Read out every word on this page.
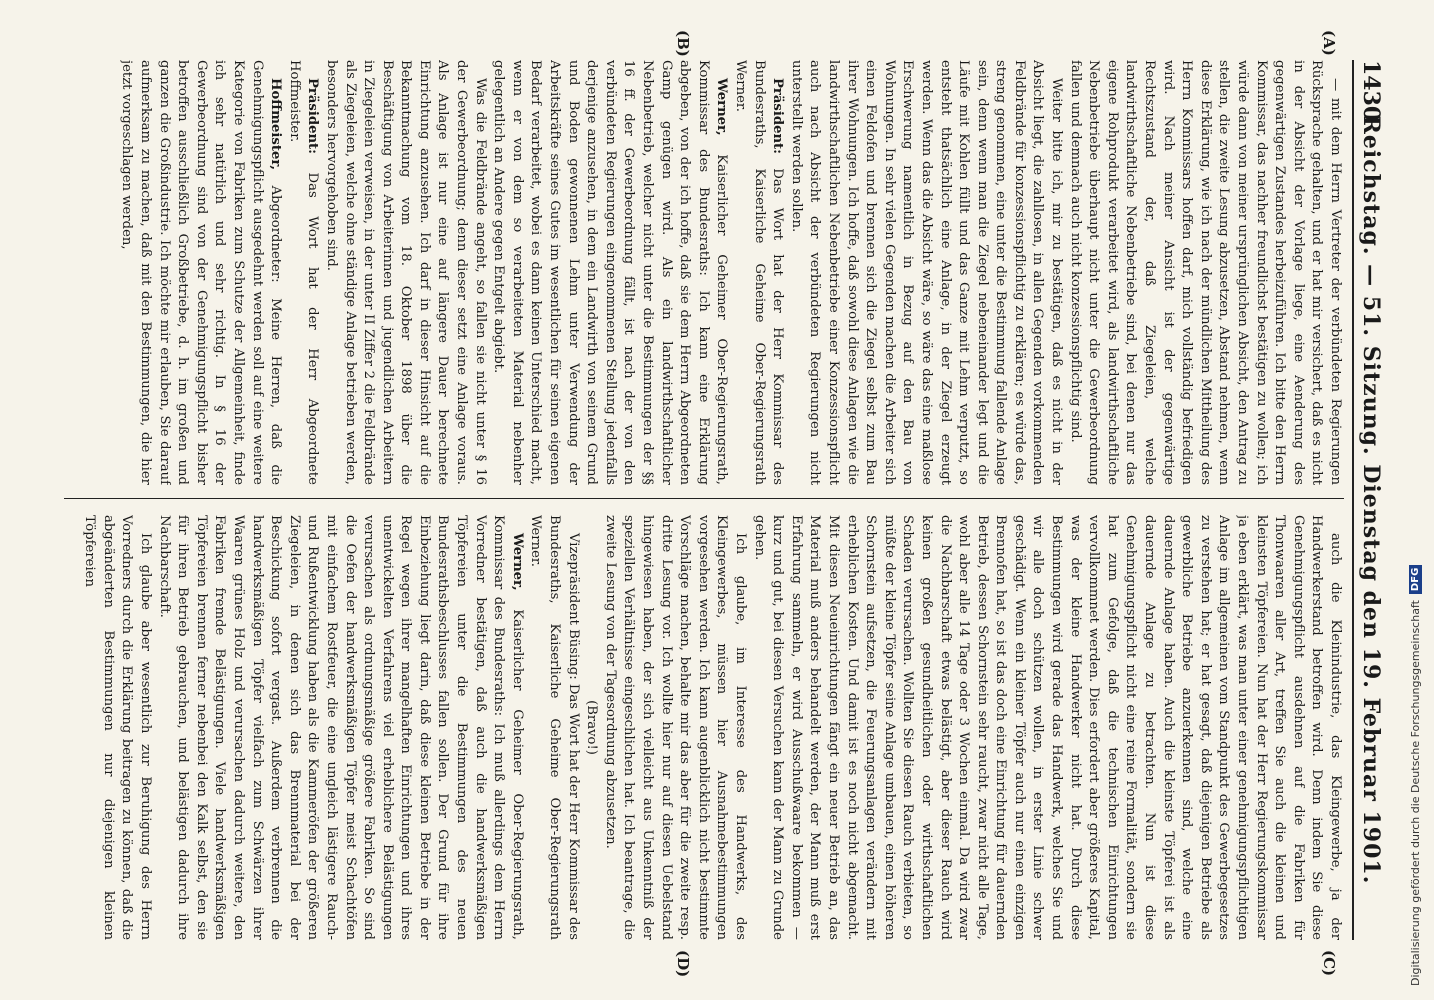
1430
Reichstag. — 51. Sitzung. Dienstag den 19. Februar 1901.
(A)
(B)
(C)
(D)

— mit dem Herrn Vertreter der verbündeten Regierungen Rücksprache gehalten, und er hat mir versichert, daß es nicht in der Absicht der Vorlage liege, eine Aenderung des gegenwärtigen Zustandes herbeizuführen. Ich bitte den Herrn Kommissar, das nachher freundlichst bestätigen zu wollen; ich würde dann von meiner ursprünglichen Absicht, den Antrag zu stellen, die zweite Lesung abzusetzen, Abstand nehmen, wenn diese Erklärung, wie ich nach der mündlichen Mittheilung des Herrn Kommissars hoffen darf, mich vollständig befriedigen wird. Nach meiner Ansicht ist der gegenwärtige Rechtszustand der, daß Ziegeleien, welche landwirthschaftliche Nebenbetriebe sind, bei denen nur das eigene Rohprodukt verarbeitet wird, als landwirthschaftliche Nebenbetriebe überhaupt nicht unter die Gewerbeordnung fallen und demnach auch nicht konzessionspflichtig sind.

Weiter bitte ich, mir zu bestätigen, daß es nicht in der Absicht liegt, die zahllosen, in allen Gegenden vorkommenden Feldbrände für konzessionspflichtig zu erklären; es würde das, streng genommen, eine unter die Bestimmung fallende Anlage sein, denn wenn man die Ziegel nebeneinander legt und die Läufe mit Kohlen füllt und das Ganze mit Lehm verputzt, so entsteht thatsächlich eine Anlage, in der Ziegel erzeugt werden. Wenn das die Absicht wäre, so wäre das eine maßlose Erschwerung namentlich in Bezug auf den Bau von Wohnungen. In sehr vielen Gegenden machen die Arbeiter sich einen Feldofen und brennen sich die Ziegel selbst zum Bau ihrer Wohnungen. Ich hoffe, daß sowohl diese Anlagen wie die landwirthschaftlichen Nebenbetriebe einer Konzessionspflicht auch nach Absicht der verbündeten Regierungen nicht unterstellt werden sollen.

Präsident: Das Wort hat der Herr Kommissar des Bundesraths, Kaiserliche Geheime Ober-Regierungsrath Werner.

Werner, Kaiserlicher Geheimer Ober-Regierungsrath, Kommissar des Bundesraths: Ich kann eine Erklärung abgeben, von der ich hoffe, daß sie dem Herrn Abgeordneten Gamp genügen wird. Als ein landwirthschaftlicher Nebenbetrieb, welcher nicht unter die Bestimmungen der §§ 16 ff. der Gewerbeordnung fällt, ist nach der von den verbündeten Regierungen eingenommenen Stellung jedenfalls derjenige anzusehen, in dem ein Landwirth von seinem Grund und Boden gewonnenen Lehm unter Verwendung der Arbeitskräfte seines Gutes im wesentlichen für seinen eigenen Bedarf verarbeitet, wobei es dann keinen Unterschied macht, wenn er von dem so verarbeiteten Material nebenher gelegentlich an Andere gegen Entgelt abgiebt.

Was die Feldbrände angeht, so fallen sie nicht unter § 16 der Gewerbeordnung; denn dieser setzt eine Anlage voraus. Als Anlage ist nur eine auf längere Dauer berechnete Einrichtung anzusehen. Ich darf in dieser Hinsicht auf die Bekanntmachung vom 18. Oktober 1898 über die Beschäftigung von Arbeiterinnen und jugendlichen Arbeitern in Ziegeleien verweisen, in der unter II Ziffer 2 die Feldbrände als Ziegeleien, welche ohne ständige Anlage betrieben werden, besonders hervorgehoben sind.

Präsident: Das Wort hat der Herr Abgeordnete Hoffmeister.

Hoffmeister, Abgeordneter: Meine Herren, daß die Genehmigungspflicht ausgedehnt werden soll auf eine weitere Kategorie von Fabriken zum Schutze der Allgemeinheit, finde ich sehr natürlich und sehr richtig. In § 16 der Gewerbeordnung sind von der Genehmigungspflicht bisher betroffen ausschließlich Großbetriebe, d. h. im großen und ganzen die Großindustrie. Ich möchte mir erlauben, Sie darauf aufmerksam zu machen, daß mit den Bestimmungen, die hier jetzt vorgeschlagen werden,

auch die Kleinindustrie, das Kleingewerbe, ja der Handwerkerstand betroffen wird. Denn indem Sie diese Genehmigungspflicht ausdehnen auf die Fabriken für Thonwaaren aller Art, treffen Sie auch die kleinen und kleinsten Töpfereien. Nun hat der Herr Regierungskommissar ja eben erklärt, was man unter einer genehmigungspflichtigen Anlage im allgemeinen vom Standpunkt des Gewerbegesetzes zu verstehen hat; er hat gesagt, daß diejenigen Betriebe als gewerbliche Betriebe anzuerkennen sind, welche eine dauernde Anlage haben. Auch die kleinste Töpferei ist als dauernde Anlage zu betrachten. Nun ist diese Genehmigungspflicht nicht eine reine Formalität, sondern sie hat zum Gefolge, daß die technischen Einrichtungen vervollkommnet werden. Dies erfordert aber größeres Kapital, was der kleine Handwerker nicht hat. Durch diese Bestimmungen wird gerade das Handwerk, welches Sie und wir alle doch schützen wollen, in erster Linie schwer geschädigt. Wenn ein kleiner Töpfer auch nur einen einzigen Brennofen hat, so ist das doch eine Einrichtung für dauernden Betrieb, dessen Schornstein sehr raucht, zwar nicht alle Tage, wohl aber alle 14 Tage oder 3 Wochen einmal. Da wird zwar die Nachbarschaft etwas belästigt, aber dieser Rauch wird keinen großen gesundheitlichen oder wirthschaftlichen Schaden verursachen. Wollten Sie diesen Rauch verbieten, so müßte der kleine Töpfer seine Anlage umbauen, einen höheren Schornstein aufsetzen, die Feuerungsanlagen verändern mit erheblichen Kosten. Und damit ist es noch nicht abgemacht. Mit diesen Neueinrichtungen fängt ein neuer Betrieb an, das Material muß anders behandelt werden, der Mann muß erst Erfahrung sammeln, er wird Ausschußwaare bekommen — kurz und gut, bei diesen Versuchen kann der Mann zu Grunde gehen.

Ich glaube, im Interesse des Handwerks, des Kleingewerbes, müssen hier Ausnahmebestimmungen vorgesehen werden. Ich kann augenblicklich nicht bestimmte Vorschläge machen, behalte mir das aber für die zweite resp. dritte Lesung vor. Ich wollte hier nur auf diesen Uebelstand hingewiesen haben, der sich vielleicht aus Unkenntniß der speziellen Verhältnisse eingeschlichen hat. Ich beantrage, die zweite Lesung von der Tagesordnung abzusetzen.

(Bravo!)

Vizepräsident Büsing: Das Wort hat der Herr Kommissar des Bundesraths, Kaiserliche Geheime Ober-Regierungsrath Werner.

Werner, Kaiserlicher Geheimer Ober-Regierungsrath, Kommissar des Bundesraths: Ich muß allerdings dem Herrn Vorredner bestätigen, daß auch die handwerksmäßigen Töpfereien unter die Bestimmungen des neuen Bundesrathsbeschlusses fallen sollen. Der Grund für ihre Einbeziehung liegt darin, daß diese kleinen Betriebe in der Regel wegen ihrer mangelhaften Einrichtungen und ihres unentwickelten Verfahrens viel erheblichere Belästigungen verursachen als ordnungsmäßige größere Fabriken. So sind die Oefen der handwerksmäßigen Töpfer meist Schachtöfen mit einfachem Rostfeuer, die eine ungleich lästigere Rauch- und Rußentwicklung haben als die Kammeröfen der größeren Ziegeleien, in denen sich das Brennmaterial bei der Beschickung sofort vergast. Außerdem verbrennen die handwerksmäßigen Töpfer vielfach zum Schwärzen ihrer Waaren grünes Holz und verursachen dadurch weitere, den Fabriken fremde Belästigungen. Viele handwerksmäßigen Töpfereien brennen ferner nebenbei den Kalk selbst, den sie für ihren Betrieb gebrauchen, und belästigen dadurch ihre Nachbarschaft.

Ich glaube aber wesentlich zur Beruhigung des Herrn Vorredners durch die Erklärung beitragen zu können, daß die abgeänderten Bestimmungen nur diejenigen kleinen Töpfereien

Digitalisierung gefördert durch die Deutsche Forschungsgemeinschaft
DFG
